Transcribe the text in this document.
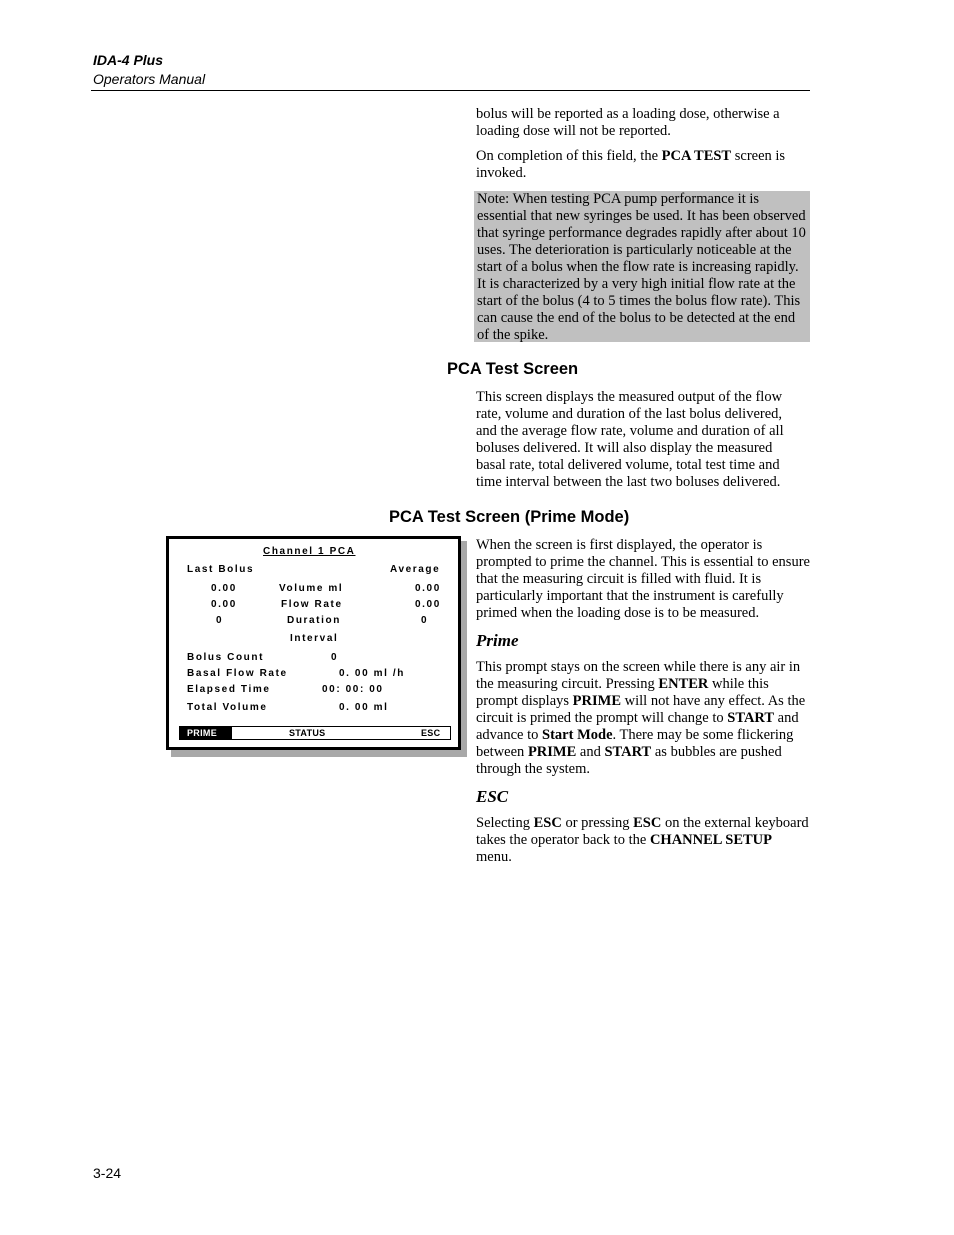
IDA-4 Plus
Operators Manual

bolus will be reported as a loading dose, otherwise a loading dose will not be reported.

On completion of this field, the PCA TEST screen is invoked.

Note: When testing PCA pump performance it is essential that new syringes be used. It has been observed that syringe performance degrades rapidly after about 10 uses. The deterioration is particularly noticeable at the start of a bolus when the flow rate is increasing rapidly. It is characterized by a very high initial flow rate at the start of the bolus (4 to 5 times the bolus flow rate). This can cause the end of the bolus to be detected at the end of the spike.
PCA Test Screen

This screen displays the measured output of the flow rate, volume and duration of the last bolus delivered, and the average flow rate, volume and duration of all boluses delivered. It will also display the measured basal rate, total delivered volume, total test time and time interval between the last two boluses delivered.

PCA Test Screen (Prime Mode)
Channel 1 PCA
Last Bolus	Average
0.00	Volume ml	0.00
0.00	Flow Rate	0.00
0	Duration	0
Interval
Bolus Count	0
Basal Flow Rate	0. 00 ml /h
Elapsed Time	00: 00: 00
Total Volume	0. 00 ml
PRIME	STATUS	ESC

When the screen is first displayed, the operator is prompted to prime the channel. This is essential to ensure that the measuring circuit is filled with fluid. It is particularly important that the instrument is carefully primed when the loading dose is to be measured.

Prime

This prompt stays on the screen while there is any air in the measuring circuit. Pressing ENTER while this prompt displays PRIME will not have any effect. As the circuit is primed the prompt will change to START and advance to Start Mode. There may be some flickering between PRIME and START as bubbles are pushed through the system.

ESC

Selecting ESC or pressing ESC on the external keyboard takes the operator back to the CHANNEL SETUP menu.

3-24
